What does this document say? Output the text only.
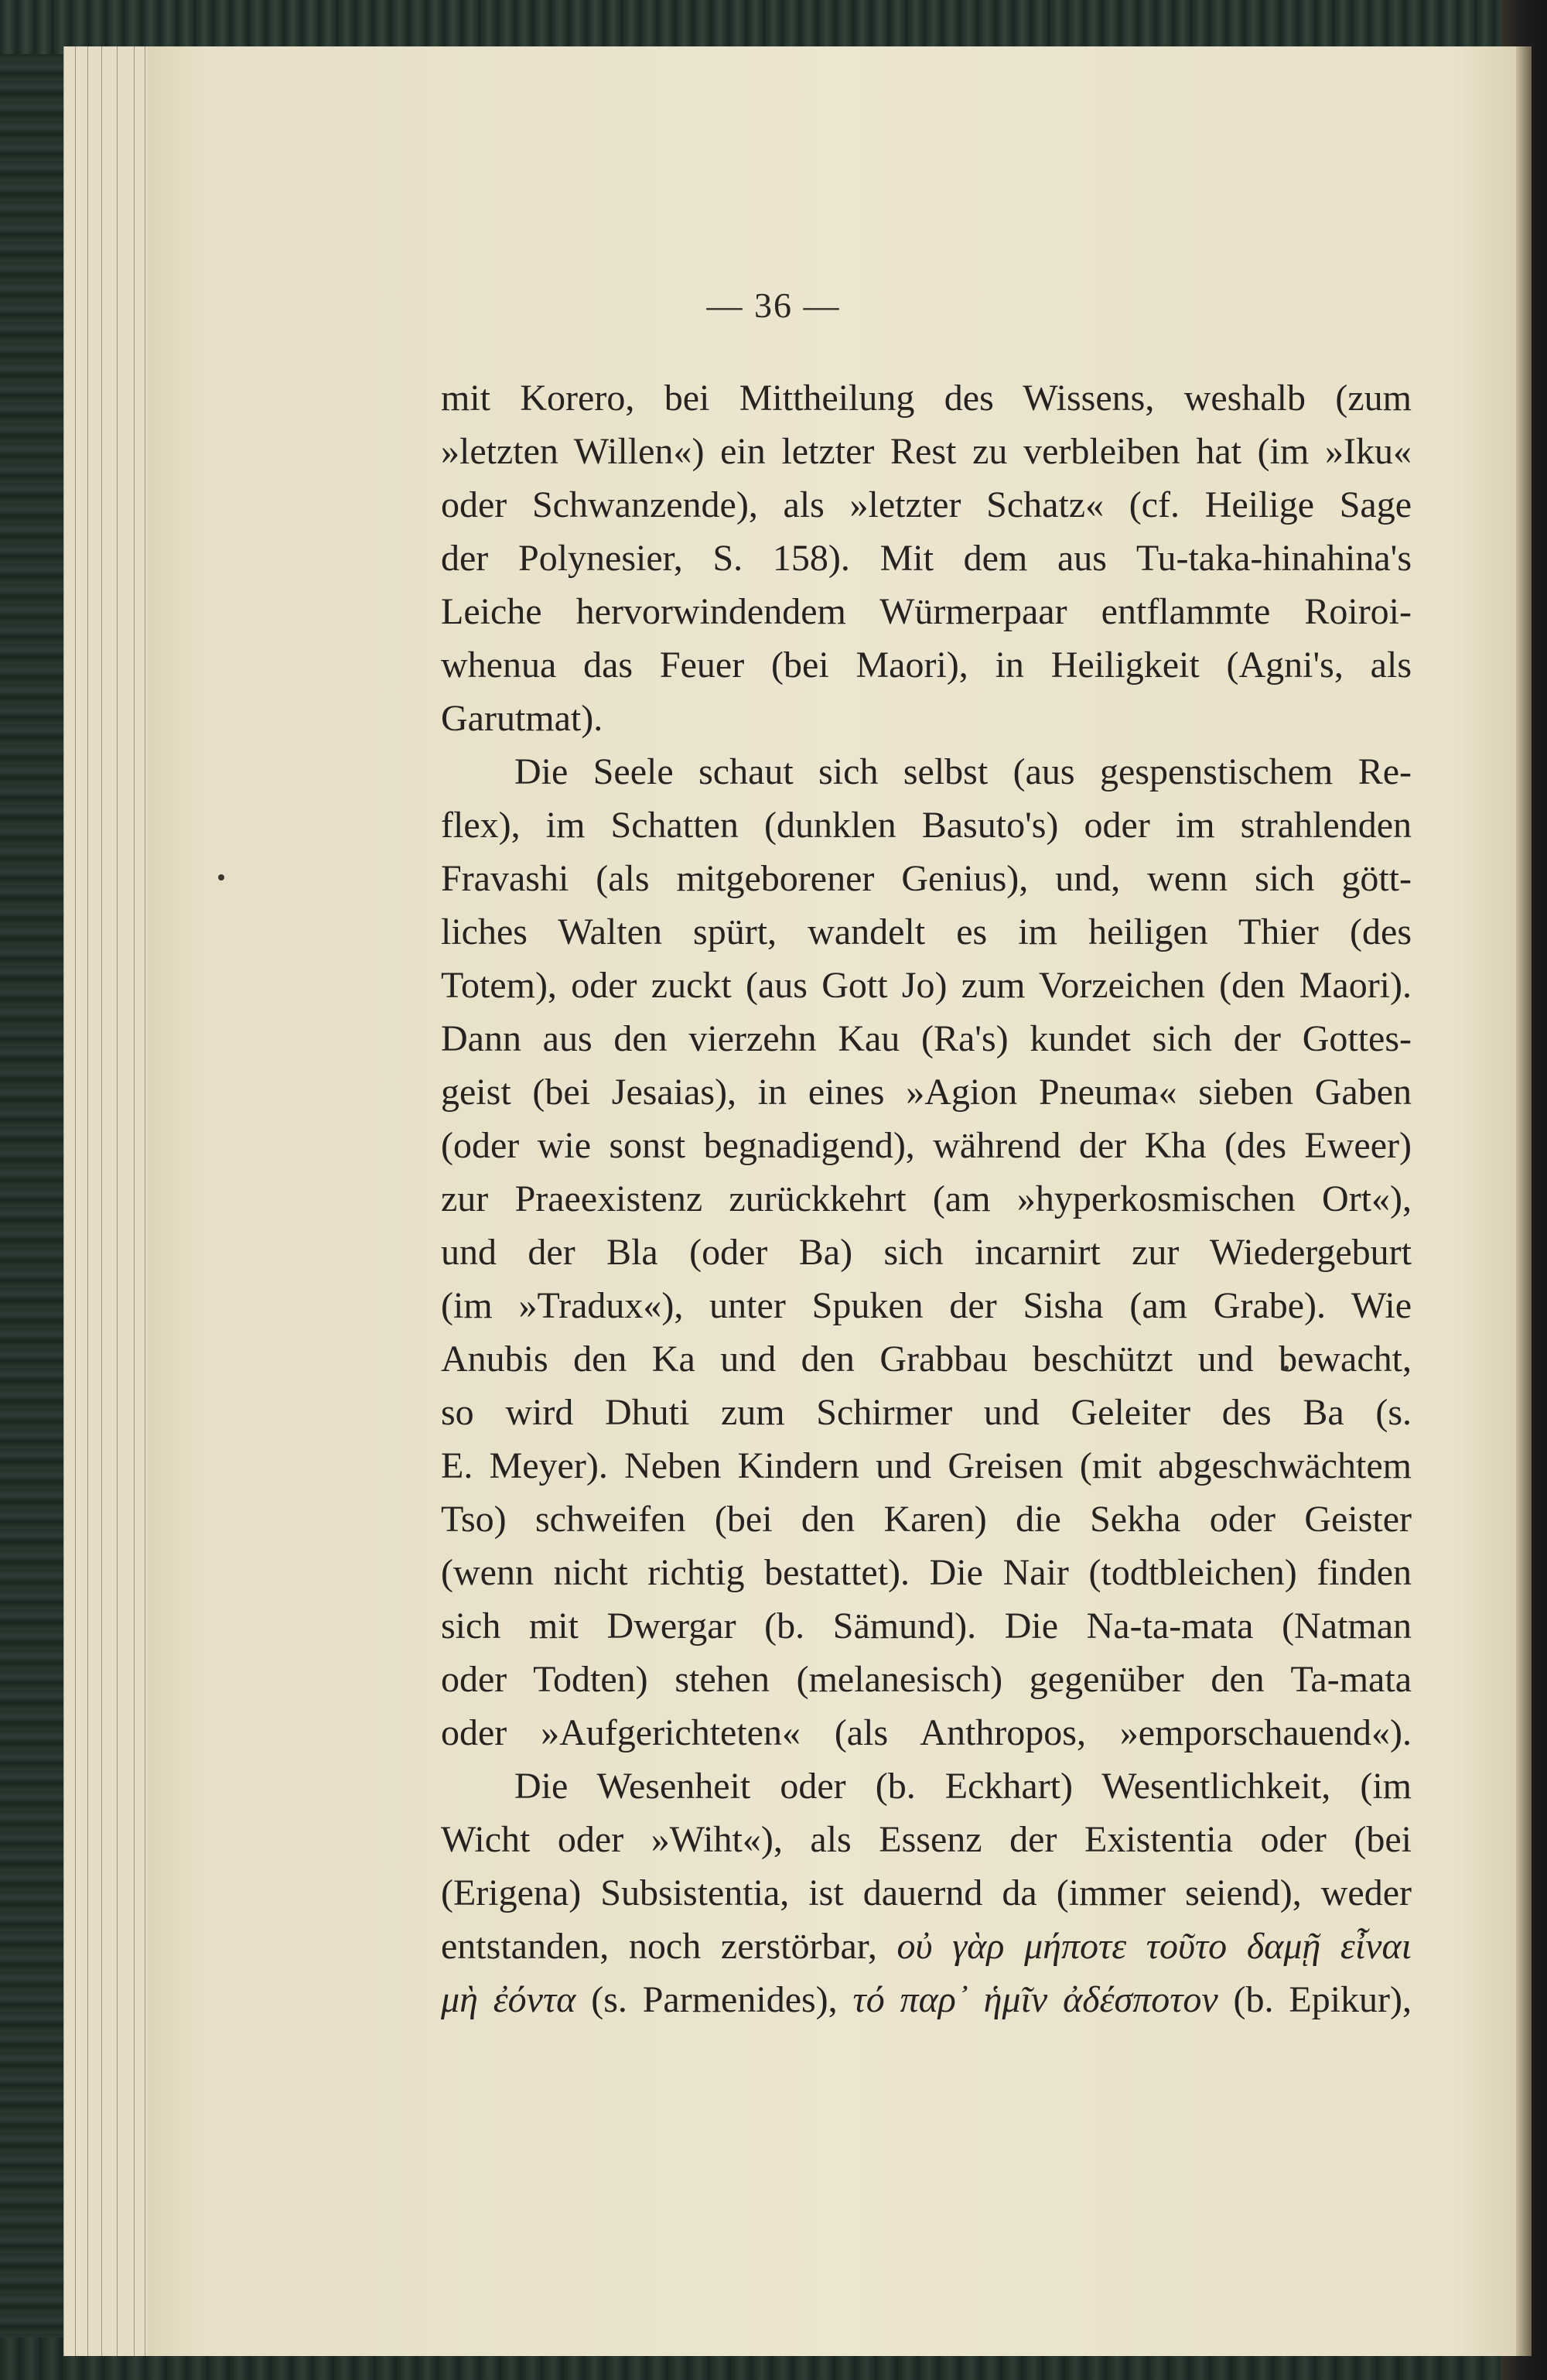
— 36 —
mit Korero, bei Mittheilung des Wissens, weshalb (zum
»letzten Willen«) ein letzter Rest zu verbleiben hat (im »Iku«
oder Schwanzende), als »letzter Schatz« (cf. Heilige Sage
der Polynesier, S. 158). Mit dem aus Tu-taka-hinahina's
Leiche hervorwindendem Würmerpaar entflammte Roiroi-
whenua das Feuer (bei Maori), in Heiligkeit (Agni's, als
Garutmat).
Die Seele schaut sich selbst (aus gespenstischem Re-
flex), im Schatten (dunklen Basuto's) oder im strahlenden
Fravashi (als mitgeborener Genius), und, wenn sich gött-
liches Walten spürt, wandelt es im heiligen Thier (des
Totem), oder zuckt (aus Gott Jo) zum Vorzeichen (den Maori).
Dann aus den vierzehn Kau (Ra's) kundet sich der Gottes-
geist (bei Jesaias), in eines »Agion Pneuma« sieben Gaben
(oder wie sonst begnadigend), während der Kha (des Eweer)
zur Praeexistenz zurückkehrt (am »hyperkosmischen Ort«),
und der Bla (oder Ba) sich incarnirt zur Wiedergeburt
(im »Tradux«), unter Spuken der Sisha (am Grabe). Wie
Anubis den Ka und den Grabbau beschützt und bewacht,
so wird Dhuti zum Schirmer und Geleiter des Ba (s.
E. Meyer). Neben Kindern und Greisen (mit abgeschwächtem
Tso) schweifen (bei den Karen) die Sekha oder Geister
(wenn nicht richtig bestattet). Die Nair (todtbleichen) finden
sich mit Dwergar (b. Sämund). Die Na-ta-mata (Natman
oder Todten) stehen (melanesisch) gegenüber den Ta-mata
oder »Aufgerichteten« (als Anthropos, »emporschauend«).
Die Wesenheit oder (b. Eckhart) Wesentlichkeit, (im
Wicht oder »Wiht«), als Essenz der Existentia oder (bei
(Erigena) Subsistentia, ist dauernd da (immer seiend), weder
entstanden, noch zerstörbar, οὐ γὰρ μήποτε τοῦτο δαμῇ εἶναι
μὴ ἐόντα (s. Parmenides), τό παρ᾽ ἡμῖν ἀδέσποτον (b. Epikur),
